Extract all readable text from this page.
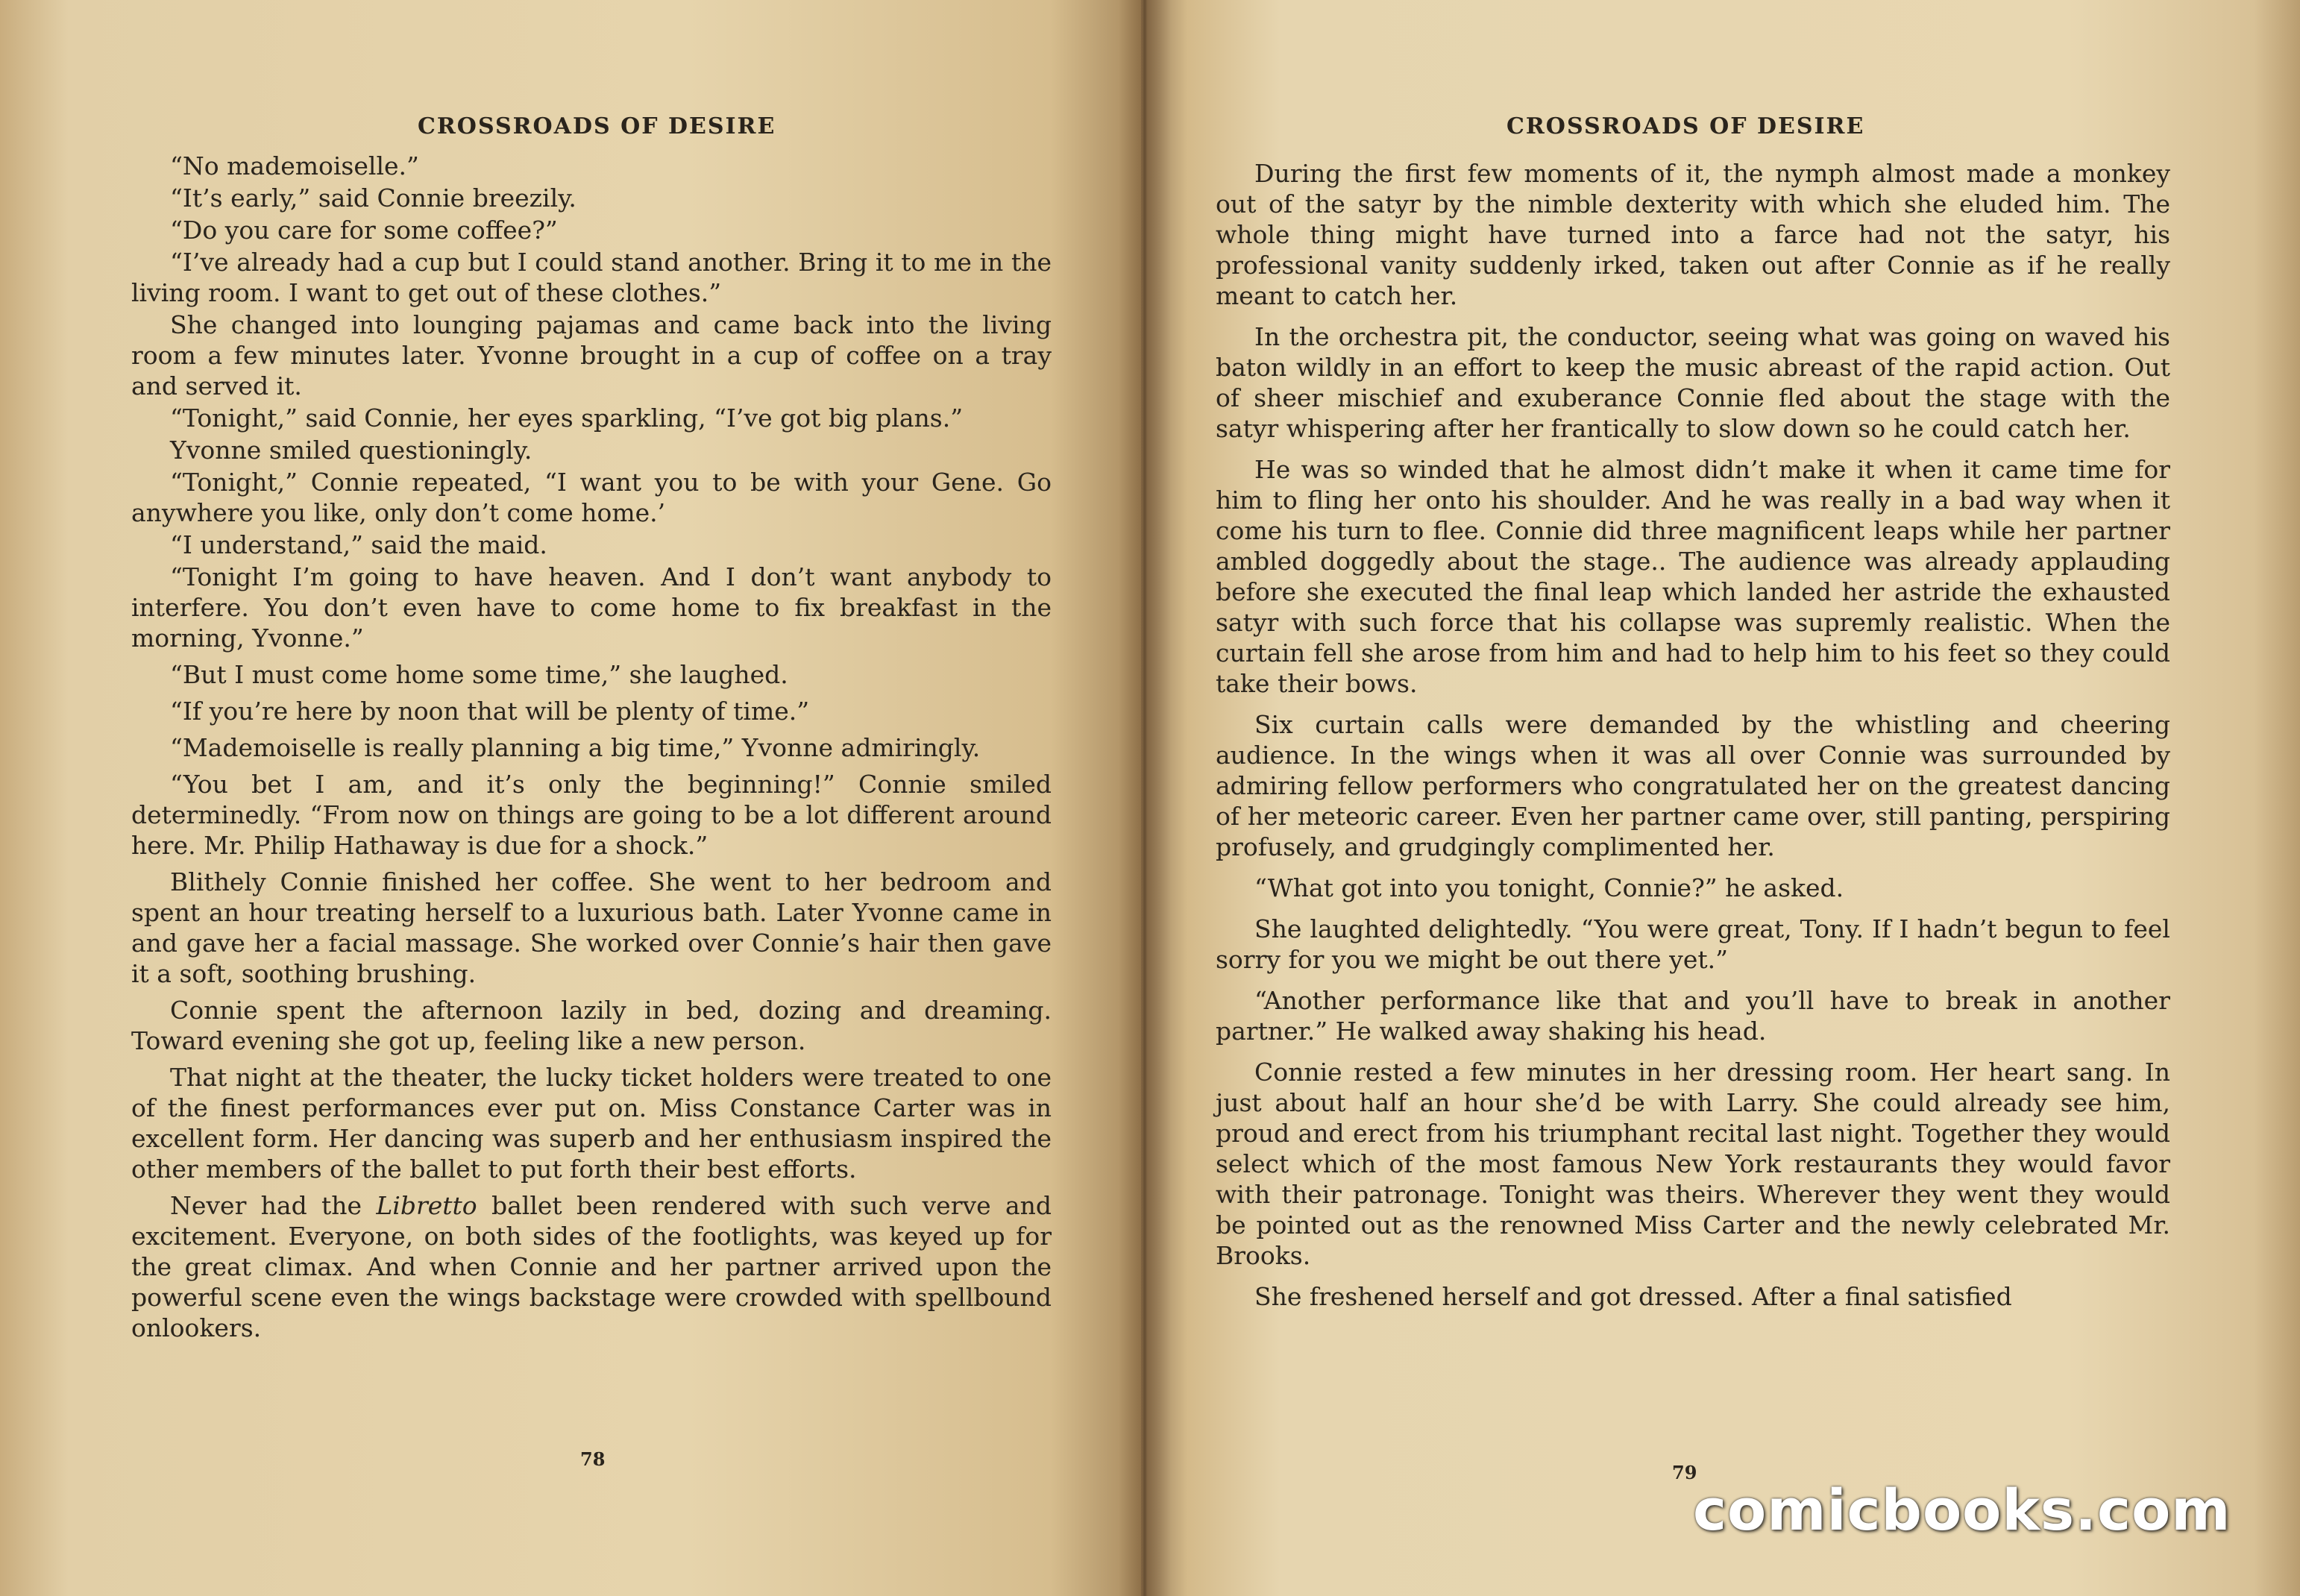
CROSSROADS OF DESIRE

“No mademoiselle.”

“It’s early,” said Connie breezily.

“Do you care for some coffee?”

“I’ve already had a cup but I could stand another. Bring it to me in the living room. I want to get out of these clothes.”

She changed into lounging pajamas and came back into the living room a few minutes later. Yvonne brought in a cup of coffee on a tray and served it.

“Tonight,” said Connie, her eyes sparkling, “I’ve got big plans.”

Yvonne smiled questioningly.

“Tonight,” Connie repeated, “I want you to be with your Gene. Go anywhere you like, only don’t come home.’

“I understand,” said the maid.

“Tonight I’m going to have heaven. And I don’t want anybody to interfere. You don’t even have to come home to fix breakfast in the morning, Yvonne.”

“But I must come home some time,” she laughed.

“If you’re here by noon that will be plenty of time.”

“Mademoiselle is really planning a big time,” Yvonne admiringly.

“You bet I am, and it’s only the beginning!” Connie smiled determinedly. “From now on things are going to be a lot different around here. Mr. Philip Hathaway is due for a shock.”

Blithely Connie finished her coffee. She went to her bedroom and spent an hour treating herself to a luxurious bath. Later Yvonne came in and gave her a facial massage. She worked over Connie’s hair then gave it a soft, soothing brushing.

Connie spent the afternoon lazily in bed, dozing and dreaming. Toward evening she got up, feeling like a new person.

That night at the theater, the lucky ticket holders were treated to one of the finest performances ever put on. Miss Constance Carter was in excellent form. Her dancing was superb and her enthusiasm inspired the other members of the ballet to put forth their best efforts.

Never had the Libretto ballet been rendered with such verve and excitement. Everyone, on both sides of the footlights, was keyed up for the great climax. And when Connie and her partner arrived upon the powerful scene even the wings backstage were crowded with spellbound onlookers.

78
CROSSROADS OF DESIRE

During the first few moments of it, the nymph almost made a monkey out of the satyr by the nimble dexterity with which she eluded him. The whole thing might have turned into a farce had not the satyr, his professional vanity suddenly irked, taken out after Connie as if he really meant to catch her.

In the orchestra pit, the conductor, seeing what was going on waved his baton wildly in an effort to keep the music abreast of the rapid action. Out of sheer mischief and exuberance Connie fled about the stage with the satyr whispering after her frantically to slow down so he could catch her.

He was so winded that he almost didn’t make it when it came time for him to fling her onto his shoulder. And he was really in a bad way when it come his turn to flee. Connie did three magnificent leaps while her partner ambled doggedly about the stage.. The audience was already applauding before she executed the final leap which landed her astride the exhausted satyr with such force that his collapse was supremly realistic. When the curtain fell she arose from him and had to help him to his feet so they could take their bows.

Six curtain calls were demanded by the whistling and cheering audience. In the wings when it was all over Connie was surrounded by admiring fellow performers who congratulated her on the greatest dancing of her meteoric career. Even her partner came over, still panting, perspiring profusely, and grudgingly complimented her.

“What got into you tonight, Connie?” he asked.

She laughted delightedly. “You were great, Tony. If I hadn’t begun to feel sorry for you we might be out there yet.”

“Another performance like that and you’ll have to break in another partner.” He walked away shaking his head.

Connie rested a few minutes in her dressing room. Her heart sang. In just about half an hour she’d be with Larry. She could already see him, proud and erect from his triumphant recital last night. Together they would select which of the most famous New York restaurants they would favor with their patronage. Tonight was theirs. Wherever they went they would be pointed out as the renowned Miss Carter and the newly celebrated Mr. Brooks.

She freshened herself and got dressed. After a final satisfied

79
comicbooks.com
